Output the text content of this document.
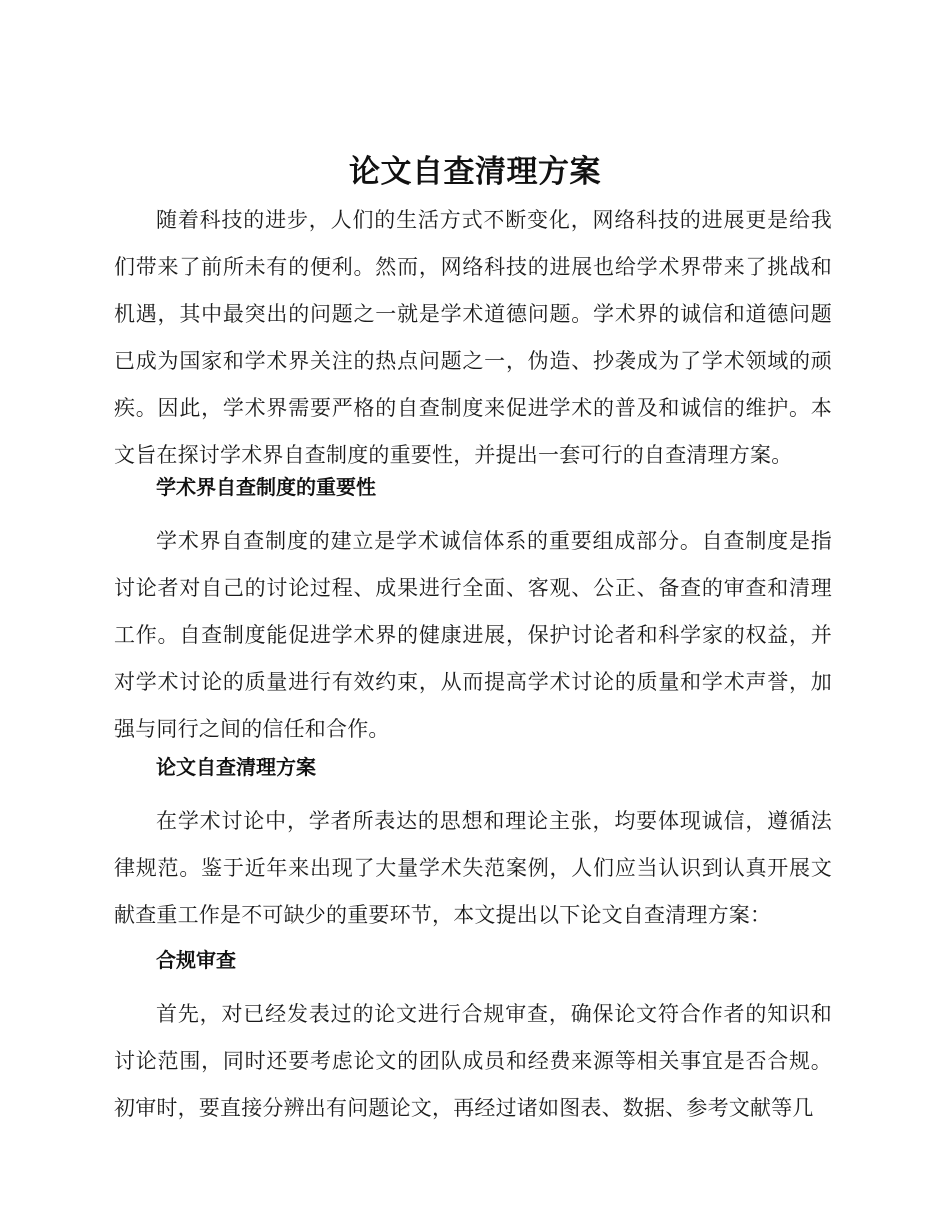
论文自查清理方案

随着科技的进步，人们的生活方式不断变化，网络科技的进展更是给我们带来了前所未有的便利。然而，网络科技的进展也给学术界带来了挑战和机遇，其中最突出的问题之一就是学术道德问题。学术界的诚信和道德问题已成为国家和学术界关注的热点问题之一，伪造、抄袭成为了学术领域的顽疾。因此，学术界需要严格的自查制度来促进学术的普及和诚信的维护。本文旨在探讨学术界自查制度的重要性，并提出一套可行的自查清理方案。

学术界自查制度的重要性

学术界自查制度的建立是学术诚信体系的重要组成部分。自查制度是指讨论者对自己的讨论过程、成果进行全面、客观、公正、备查的审查和清理工作。自查制度能促进学术界的健康进展，保护讨论者和科学家的权益，并对学术讨论的质量进行有效约束，从而提高学术讨论的质量和学术声誉，加强与同行之间的信任和合作。

论文自查清理方案

在学术讨论中，学者所表达的思想和理论主张，均要体现诚信，遵循法律规范。鉴于近年来出现了大量学术失范案例，人们应当认识到认真开展文献查重工作是不可缺少的重要环节，本文提出以下论文自查清理方案：

合规审查

首先，对已经发表过的论文进行合规审查，确保论文符合作者的知识和讨论范围，同时还要考虑论文的团队成员和经费来源等相关事宜是否合规。初审时，要直接分辨出有问题论文，再经过诸如图表、数据、参考文献等几
